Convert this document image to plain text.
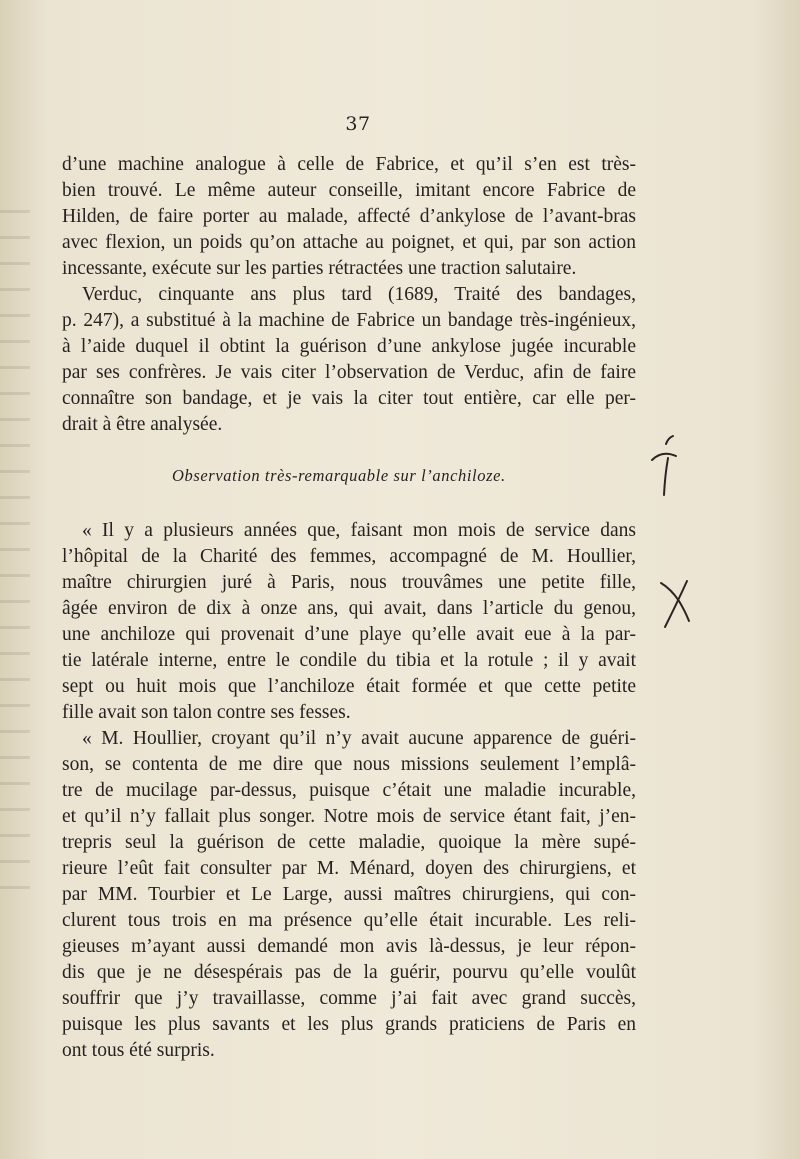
37
d’une machine analogue à celle de Fabrice, et qu’il s’en est très-
bien trouvé. Le même auteur conseille, imitant encore Fabrice de
Hilden, de faire porter au malade, affecté d’ankylose de l’avant-bras
avec flexion, un poids qu’on attache au poignet, et qui, par son action
incessante, exécute sur les parties rétractées une traction salutaire.
Verduc, cinquante ans plus tard (1689, Traité des bandages,
p. 247), a substitué à la machine de Fabrice un bandage très-ingénieux,
à l’aide duquel il obtint la guérison d’une ankylose jugée incurable
par ses confrères. Je vais citer l’observation de Verduc, afin de faire
connaître son bandage, et je vais la citer tout entière, car elle per-
drait à être analysée.
Observation très-remarquable sur l’anchiloze.
« Il y a plusieurs années que, faisant mon mois de service dans
l’hôpital de la Charité des femmes, accompagné de M. Houllier,
maître chirurgien juré à Paris, nous trouvâmes une petite fille,
âgée environ de dix à onze ans, qui avait, dans l’article du genou,
une anchiloze qui provenait d’une playe qu’elle avait eue à la par-
tie latérale interne, entre le condile du tibia et la rotule ; il y avait
sept ou huit mois que l’anchiloze était formée et que cette petite
fille avait son talon contre ses fesses.
« M. Houllier, croyant qu’il n’y avait aucune apparence de guéri-
son, se contenta de me dire que nous missions seulement l’emplâ-
tre de mucilage par-dessus, puisque c’était une maladie incurable,
et qu’il n’y fallait plus songer. Notre mois de service étant fait, j’en-
trepris seul la guérison de cette maladie, quoique la mère supé-
rieure l’eût fait consulter par M. Ménard, doyen des chirurgiens, et
par MM. Tourbier et Le Large, aussi maîtres chirurgiens, qui con-
clurent tous trois en ma présence qu’elle était incurable. Les reli-
gieuses m’ayant aussi demandé mon avis là-dessus, je leur répon-
dis que je ne désespérais pas de la guérir, pourvu qu’elle voulût
souffrir que j’y travaillasse, comme j’ai fait avec grand succès,
puisque les plus savants et les plus grands praticiens de Paris en
ont tous été surpris.
